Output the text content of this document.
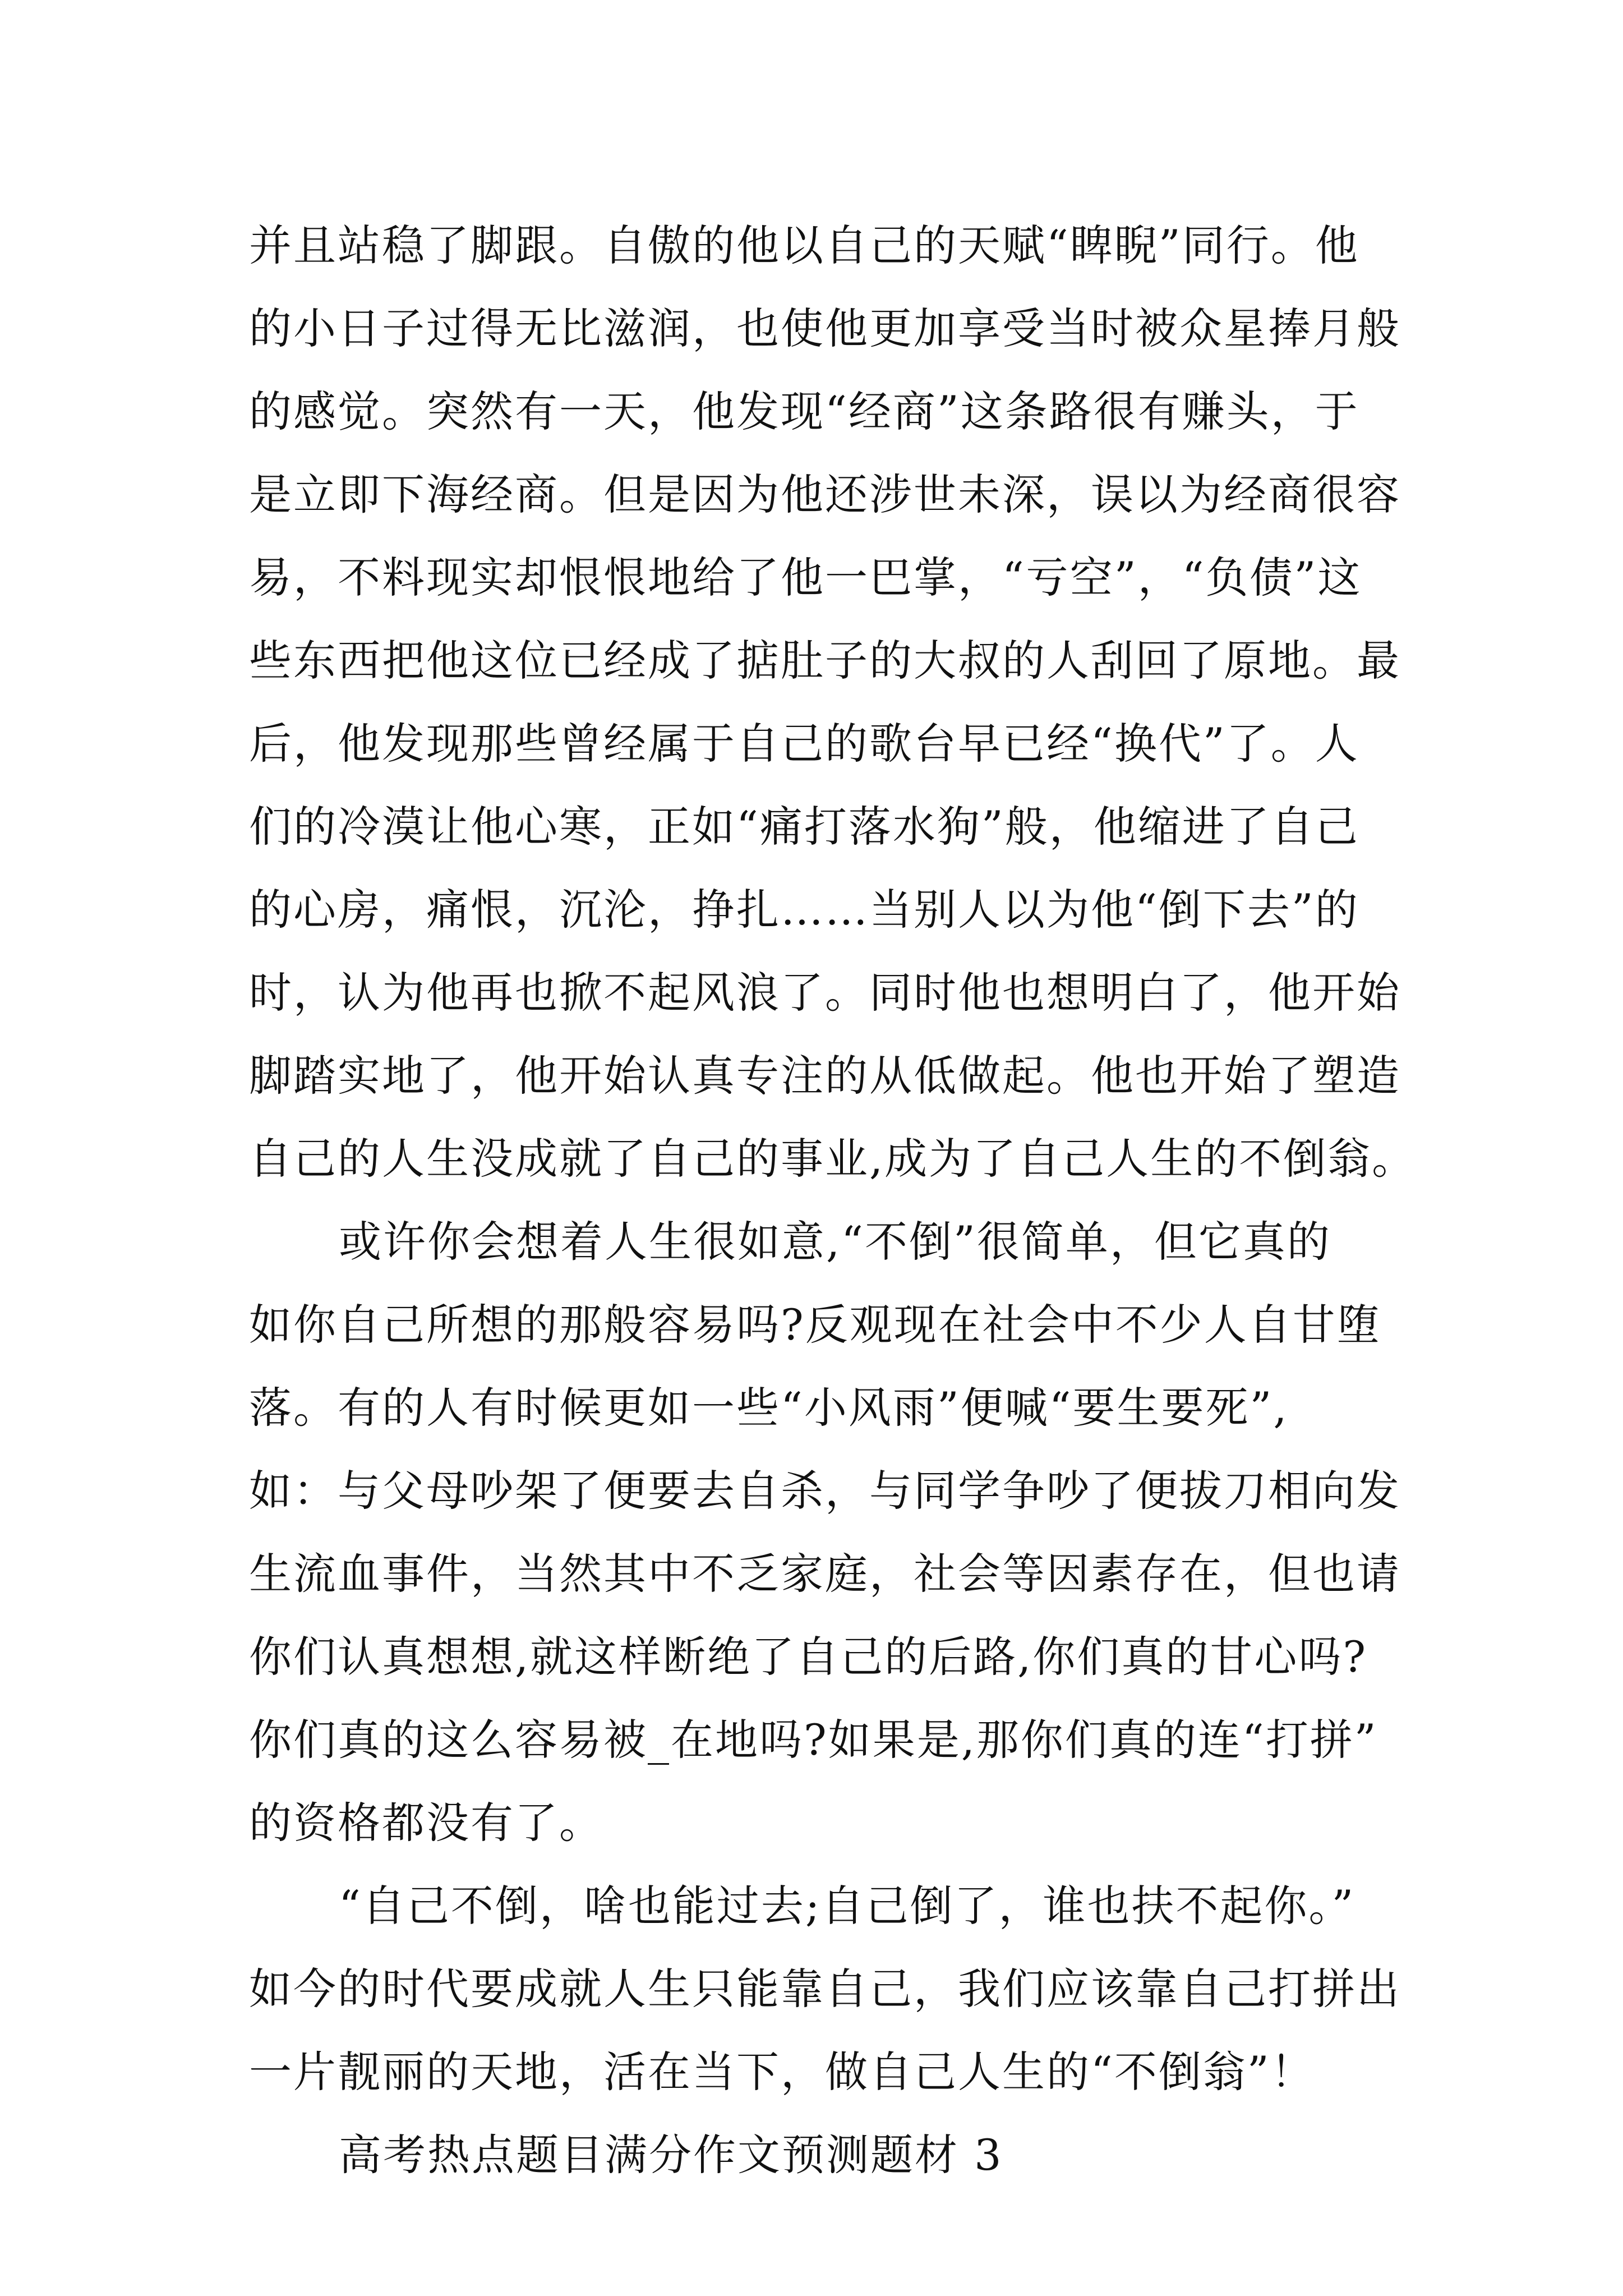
并且站稳了脚跟。自傲的他以自己的天赋“睥睨”同行。他
的小日子过得无比滋润，也使他更加享受当时被众星捧月般
的感觉。突然有一天，他发现“经商”这条路很有赚头，于
是立即下海经商。但是因为他还涉世未深，误以为经商很容
易，不料现实却恨恨地给了他一巴掌，“亏空”，“负债”这
些东西把他这位已经成了掂肚子的大叔的人刮回了原地。最
后，他发现那些曾经属于自己的歌台早已经“换代”了。人
们的冷漠让他心寒，正如“痛打落水狗”般，他缩进了自己
的心房，痛恨，沉沦，挣扎……当别人以为他“倒下去”的
时，认为他再也掀不起风浪了。同时他也想明白了，他开始
脚踏实地了，他开始认真专注的从低做起。他也开始了塑造
自己的人生没成就了自己的事业,成为了自己人生的不倒翁。
或许你会想着人生很如意,“不倒”很简单，但它真的
如你自己所想的那般容易吗?反观现在社会中不少人自甘堕
落。有的人有时候更如一些“小风雨”便喊“要生要死”,
如：与父母吵架了便要去自杀，与同学争吵了便拔刀相向发
生流血事件，当然其中不乏家庭，社会等因素存在，但也请
你们认真想想,就这样断绝了自己的后路,你们真的甘心吗?
你们真的这么容易被_在地吗?如果是,那你们真的连“打拼”
的资格都没有了。
“自己不倒，啥也能过去;自己倒了，谁也扶不起你。”
如今的时代要成就人生只能靠自己，我们应该靠自己打拼出
一片靓丽的天地，活在当下，做自己人生的“不倒翁”！
高考热点题目满分作文预测题材 3
